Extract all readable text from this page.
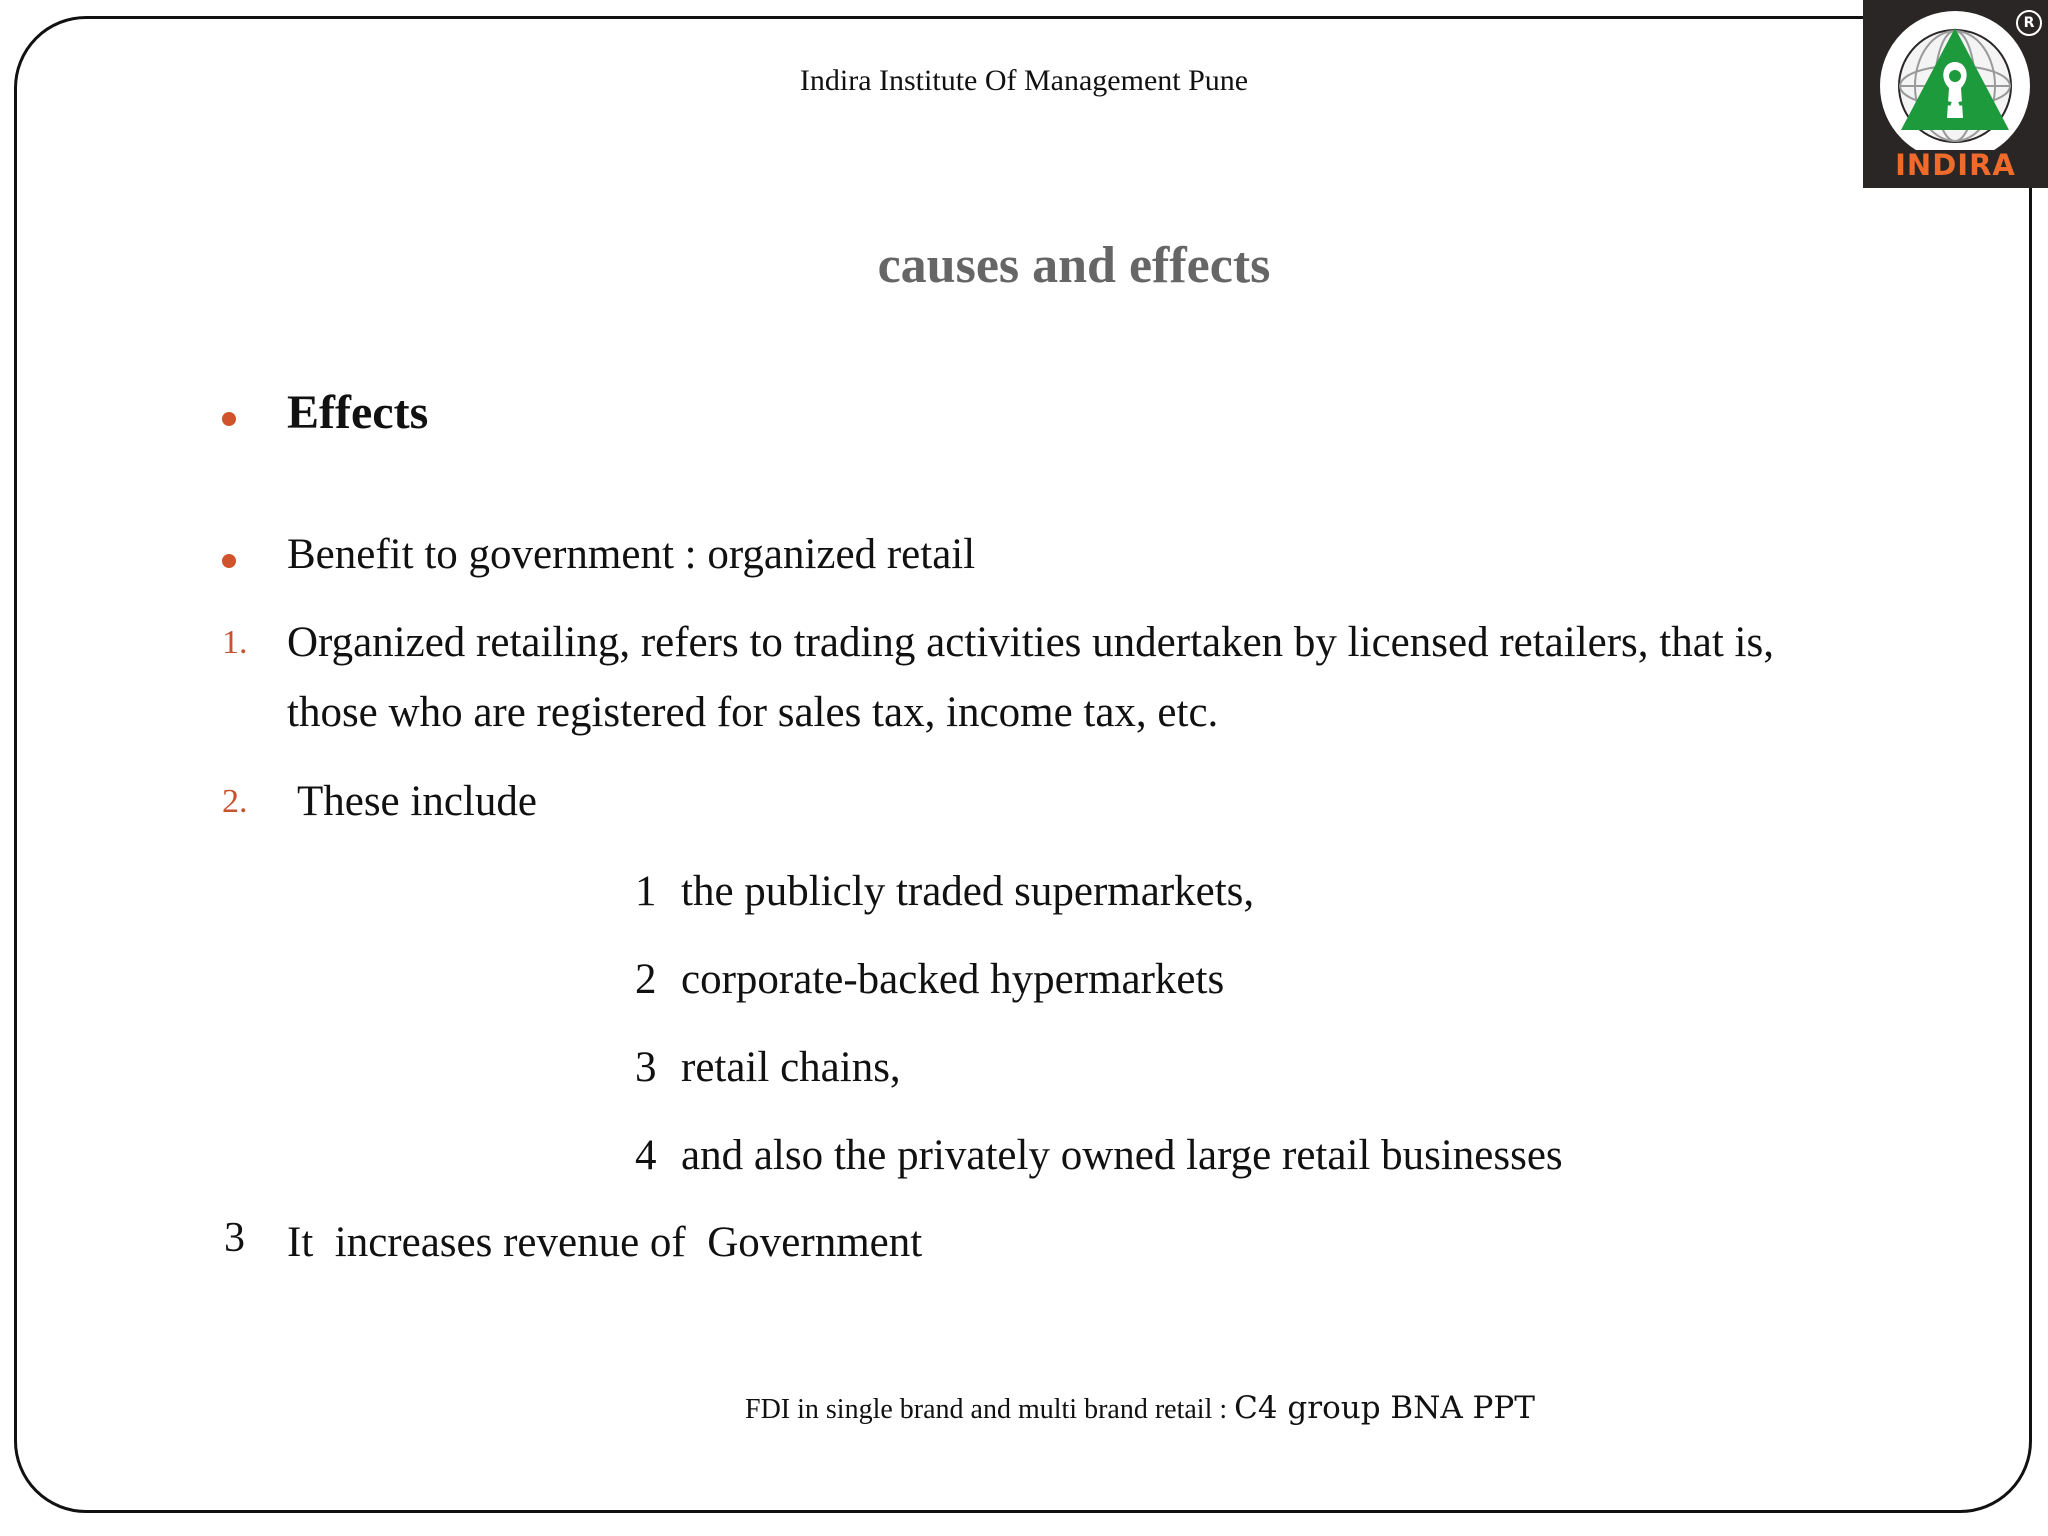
Indira Institute Of Management Pune
R
INDIRA
causes and effects
Effects
Benefit to government : organized retail
1. Organized retailing, refers to trading activities undertaken by licensed retailers, that is,
those who are registered for sales tax, income tax, etc.
2. These include
1 the publicly traded supermarkets,
2 corporate-backed hypermarkets
3 retail chains,
4 and also the privately owned large retail businesses
3 It  increases revenue of  Government
FDI in single brand and multi brand retail : C4 group BNA PPT
